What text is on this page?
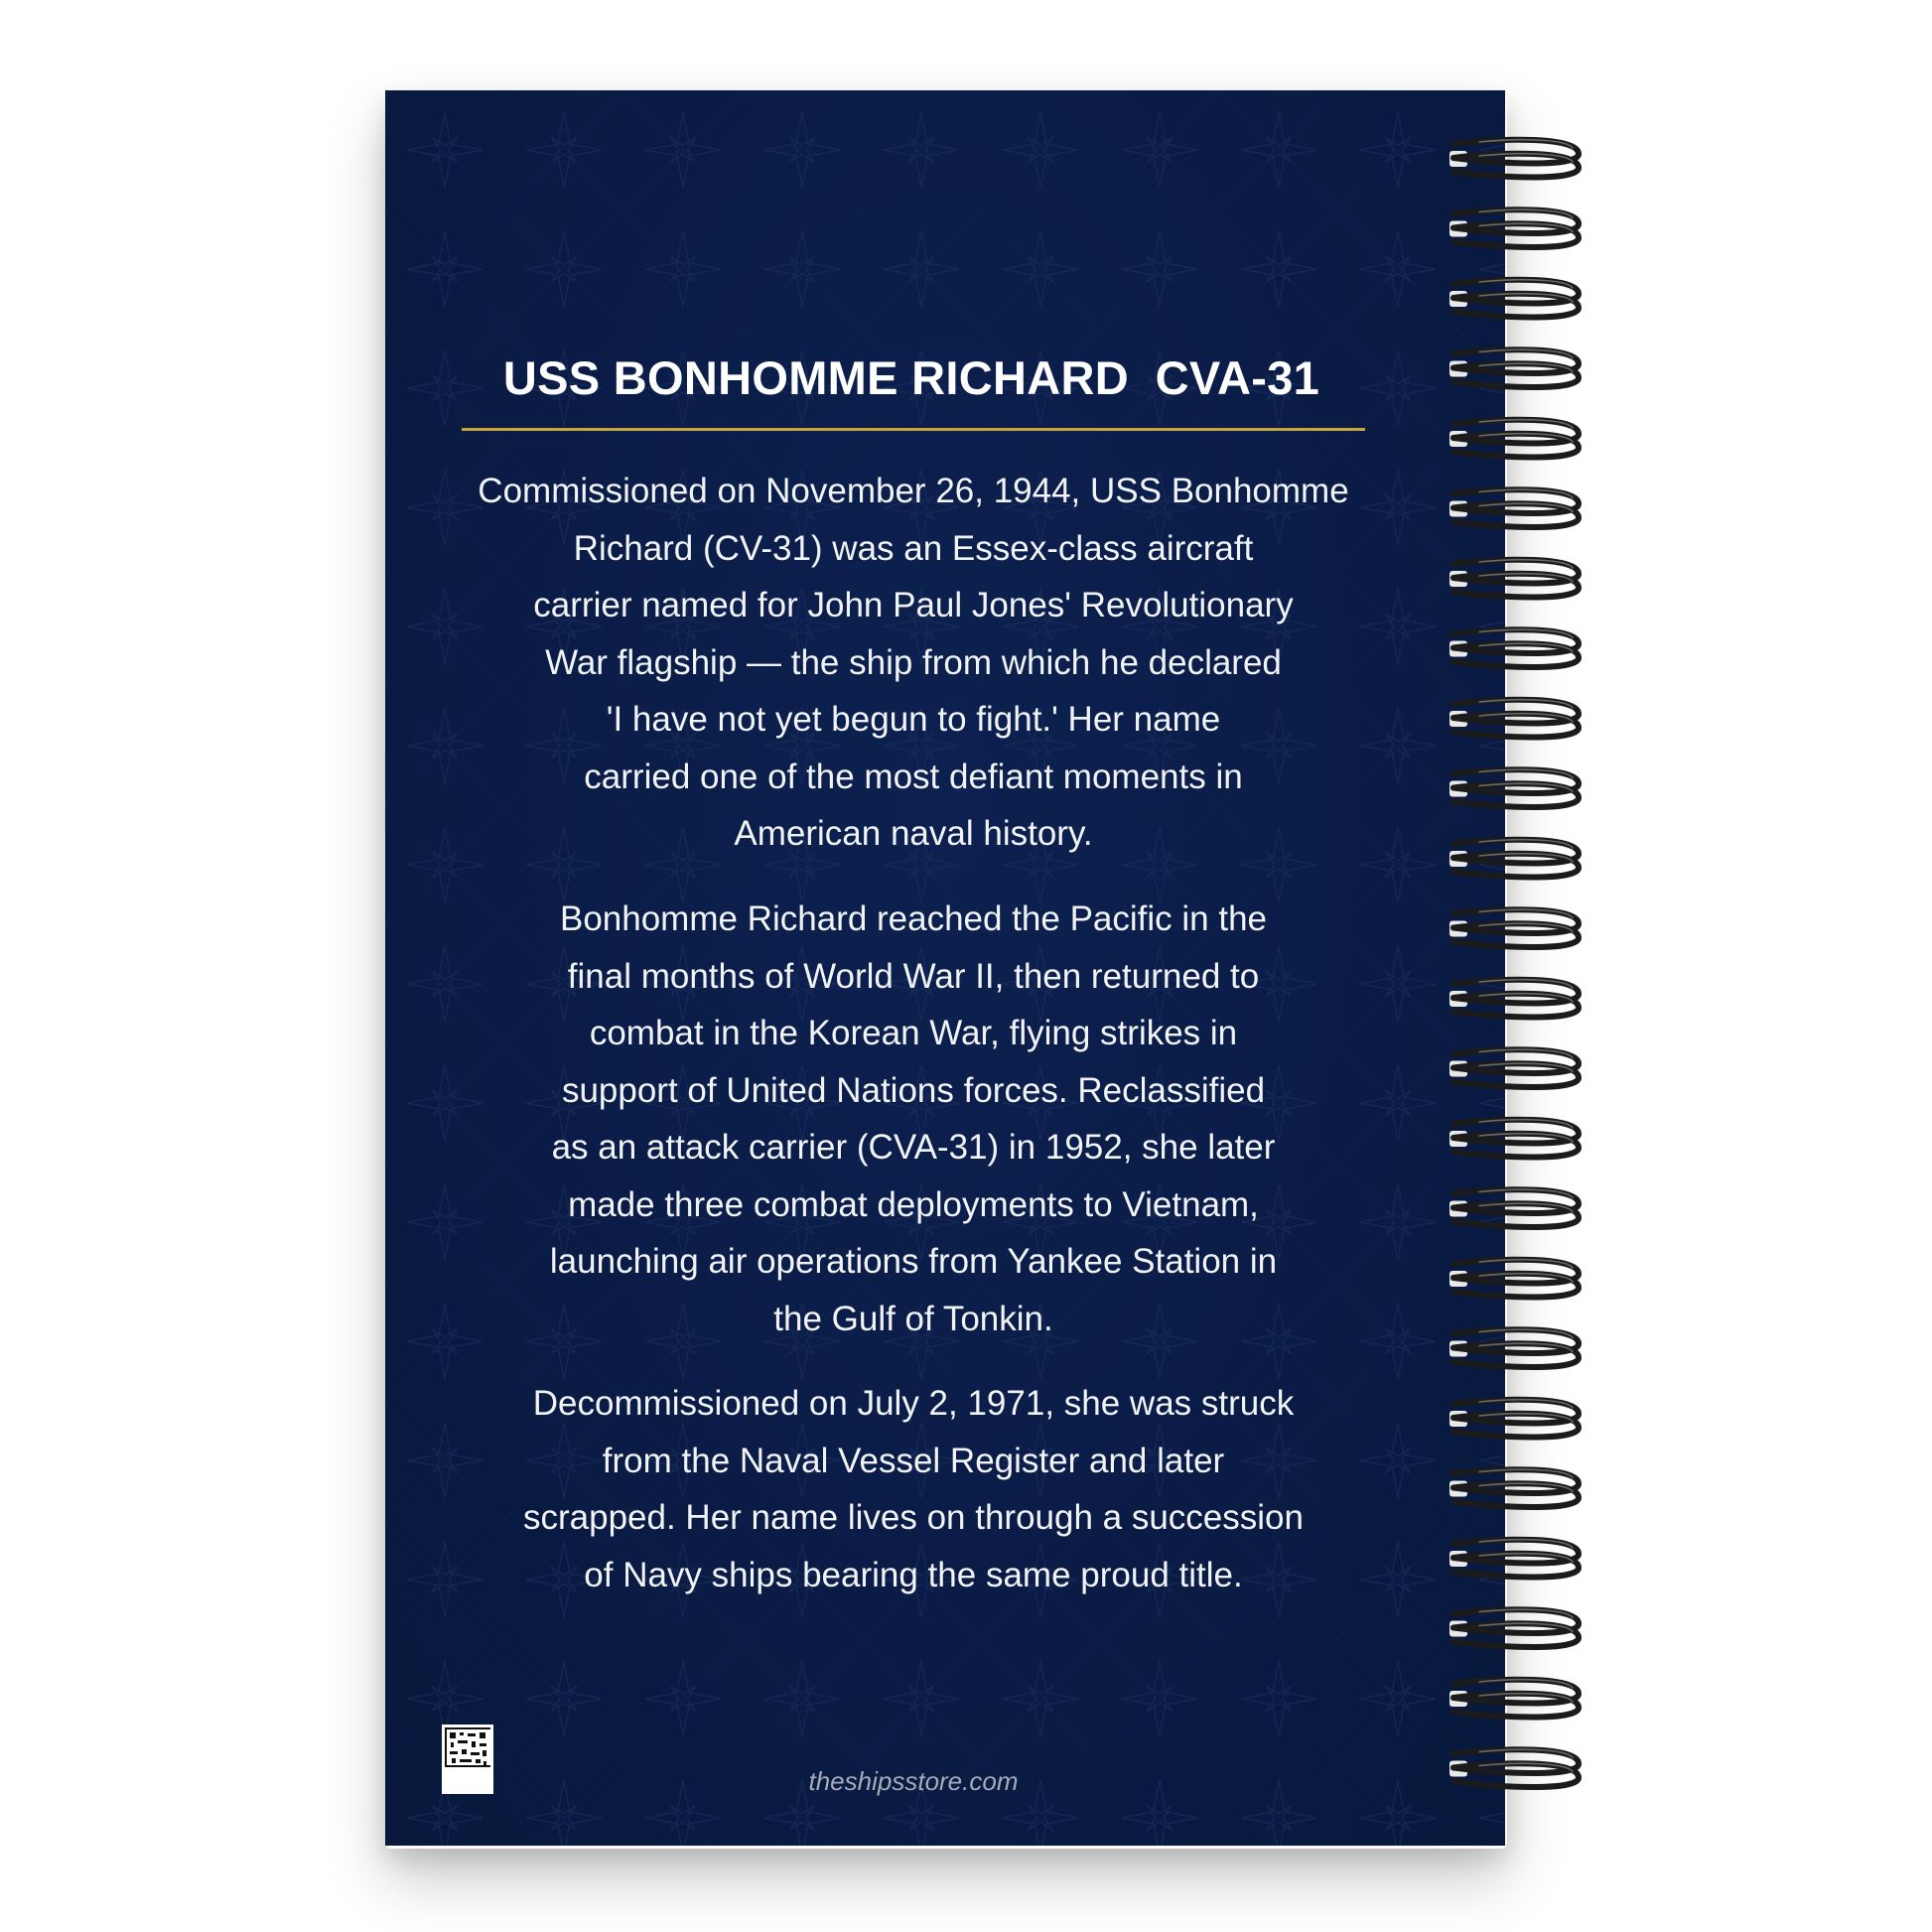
USS BONHOMME RICHARD  CVA-31
Commissioned on November 26, 1944, USS Bonhomme
Richard (CV-31) was an Essex-class aircraft
carrier named for John Paul Jones' Revolutionary
War flagship — the ship from which he declared
'I have not yet begun to fight.' Her name
carried one of the most defiant moments in
American naval history.
Bonhomme Richard reached the Pacific in the
final months of World War II, then returned to
combat in the Korean War, flying strikes in
support of United Nations forces. Reclassified
as an attack carrier (CVA-31) in 1952, she later
made three combat deployments to Vietnam,
launching air operations from Yankee Station in
the Gulf of Tonkin.
Decommissioned on July 2, 1971, she was struck
from the Naval Vessel Register and later
scrapped. Her name lives on through a succession
of Navy ships bearing the same proud title.
theshipsstore.com
